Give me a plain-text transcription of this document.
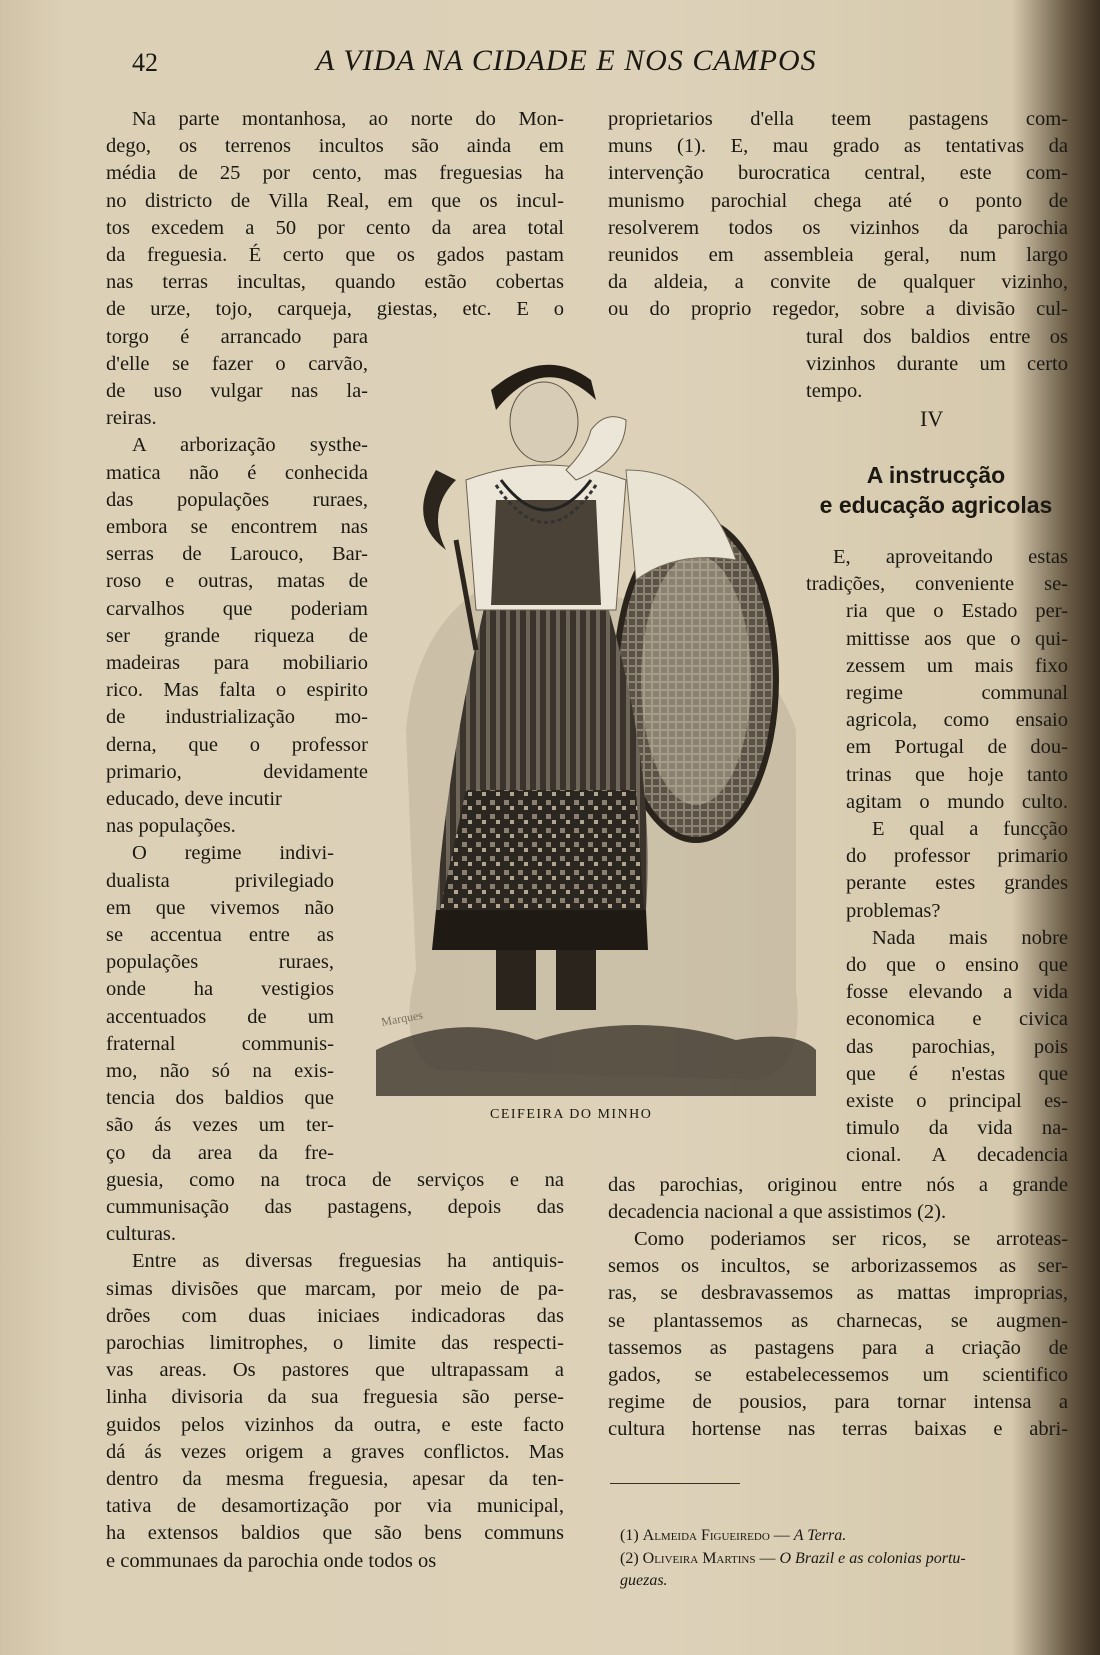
42	A VIDA NA CIDADE E NOS CAMPOS
Na parte montanhosa, ao norte do Mon-
dego, os terrenos incultos são ainda em
média de 25 por cento, mas freguesias ha
no districto de Villa Real, em que os incul-
tos excedem a 50 por cento da area total
da freguesia. É certo que os gados pastam
nas terras incultas, quando estão cobertas
de urze, tojo, carqueja, giestas, etc. E o
torgo é arrancado para
d'elle se fazer o carvão,
de uso vulgar nas la-
reiras.
A arborização systhe-
matica não é conhecida
das populações ruraes,
embora se encontrem nas
serras de Larouco, Bar-
roso e outras, matas de
carvalhos que poderiam
ser grande riqueza de
madeiras para mobiliario
rico. Mas falta o espirito
de industrialização mo-
derna, que o professor
primario, devidamente
educado, deve incutir
nas populações.
O regime indivi-
dualista privilegiado
em que vivemos não
se accentua entre as
populações ruraes,
onde ha vestigios
accentuados de um
fraternal communis-
mo, não só na exis-
tencia dos baldios que
são ás vezes um ter-
ço da area da fre-
guesia, como na troca de serviços e na
cummunisação das pastagens, depois das
culturas.
Entre as diversas freguesias ha antiquis-
simas divisões que marcam, por meio de pa-
drões com duas iniciaes indicadoras das
parochias limitrophes, o limite das respecti-
vas areas. Os pastores que ultrapassam a
linha divisoria da sua freguesia são perse-
guidos pelos vizinhos da outra, e este facto
dá ás vezes origem a graves conflictos. Mas
dentro da mesma freguesia, apesar da ten-
tativa de desamortização por via municipal,
ha extensos baldios que são bens communs
e communaes da parochia onde todos os
proprietarios d'ella teem pastagens com-
muns (1). E, mau grado as tentativas da
intervenção burocratica central, este com-
munismo parochial chega até o ponto de
resolverem todos os vizinhos da parochia
reunidos em assembleia geral, num largo
da aldeia, a convite de qualquer vizinho,
ou do proprio regedor, sobre a divisão cul-
tural dos baldios entre os
vizinhos durante um certo
tempo.
IV
A instrucção
e educação agricolas
E, aproveitando estas
tradições, conveniente se-
ria que o Estado per-
mittisse aos que o qui-
zessem um mais fixo
regime communal
agricola, como ensaio
em Portugal de dou-
trinas que hoje tanto
agitam o mundo culto.
E qual a funcção
do professor primario
perante estes grandes
problemas?
Nada mais nobre
do que o ensino que
fosse elevando a vida
economica e civica
das parochias, pois
que é n'estas que
existe o principal es-
timulo da vida na-
cional. A decadencia
das parochias, originou entre nós a grande
decadencia nacional a que assistimos (2).
Como poderiamos ser ricos, se arroteas-
semos os incultos, se arborizassemos as ser-
ras, se desbravassemos as mattas improprias,
se plantassemos as charnecas, se augmen-
tassemos as pastagens para a criação de
gados, se estabelecessemos um scientifico
regime de pousios, para tornar intensa a
cultura hortense nas terras baixas e abri-
Marques
CEIFEIRA DO MINHO
(1) Almeida Figueiredo — A Terra.
(2) Oliveira Martins — O Brazil e as colonias portu-
guezas.
